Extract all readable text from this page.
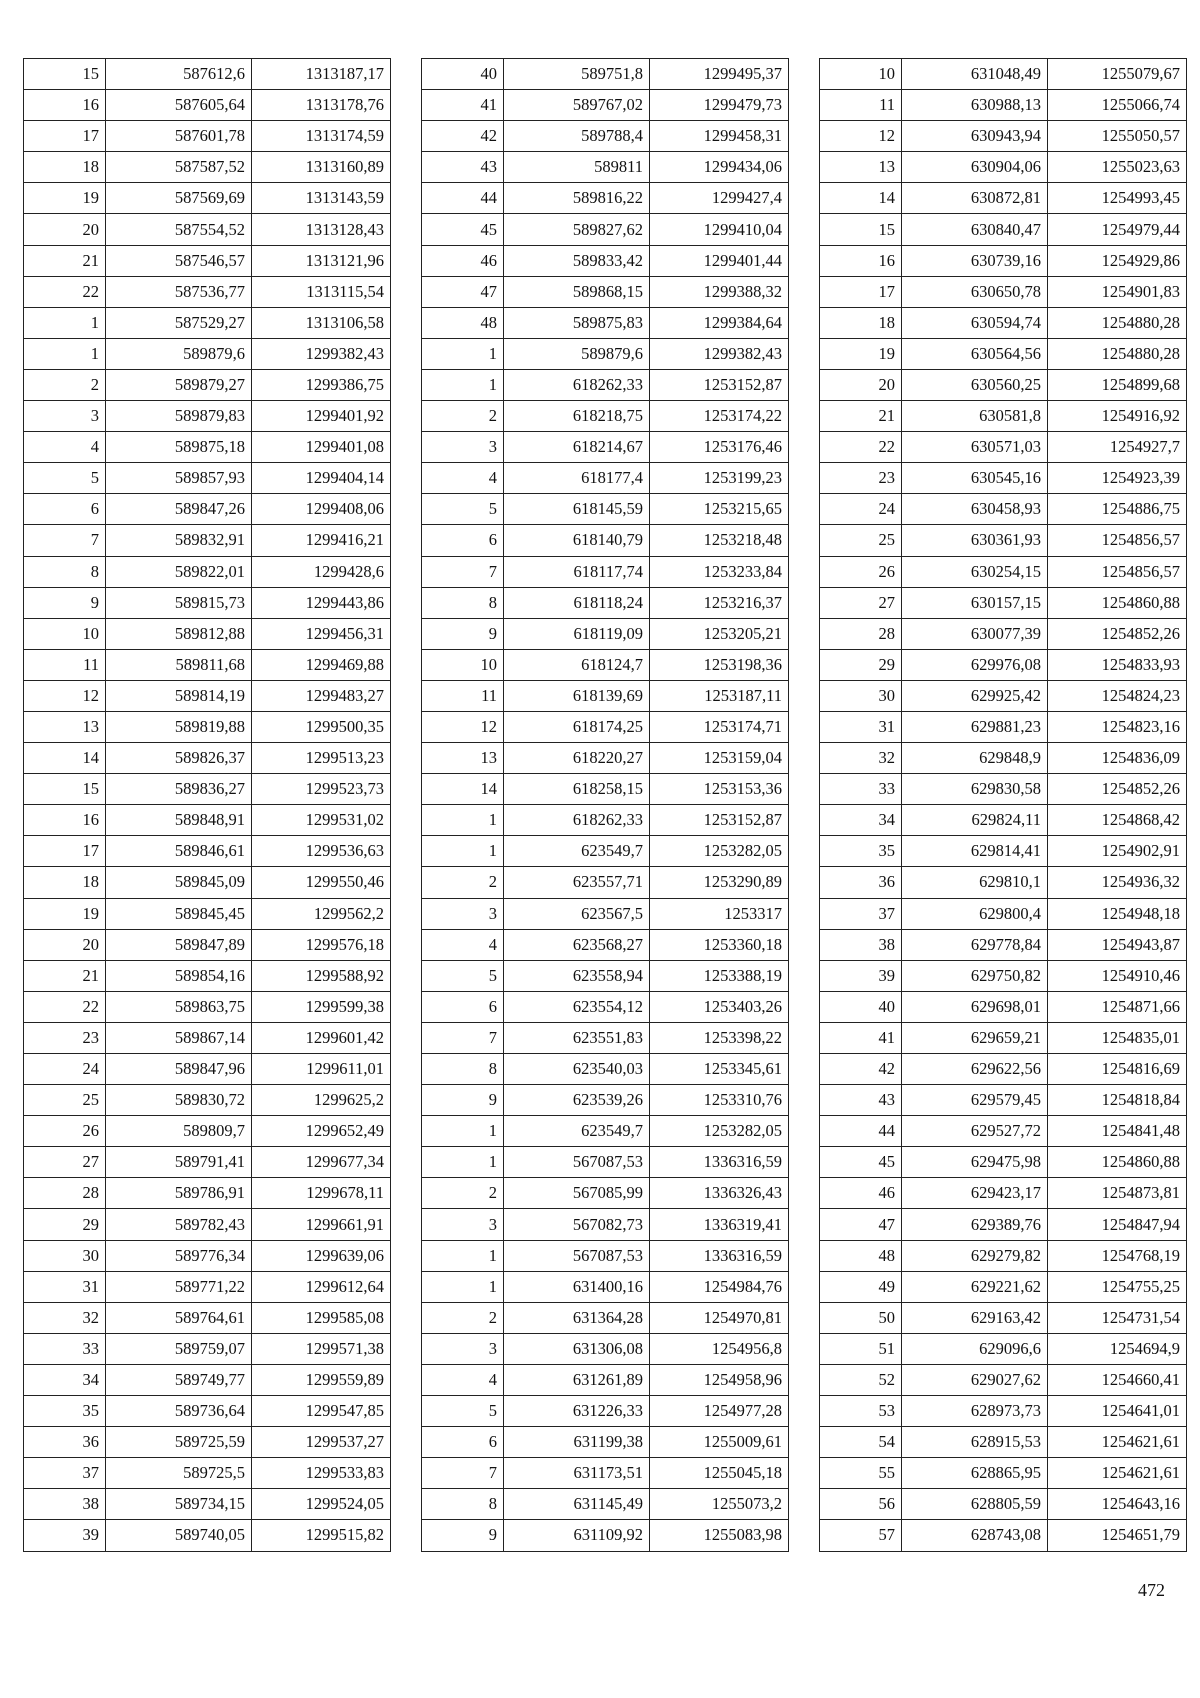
15	587612,6	1313187,17
16	587605,64	1313178,76
17	587601,78	1313174,59
18	587587,52	1313160,89
19	587569,69	1313143,59
20	587554,52	1313128,43
21	587546,57	1313121,96
22	587536,77	1313115,54
1	587529,27	1313106,58
1	589879,6	1299382,43
2	589879,27	1299386,75
3	589879,83	1299401,92
4	589875,18	1299401,08
5	589857,93	1299404,14
6	589847,26	1299408,06
7	589832,91	1299416,21
8	589822,01	1299428,6
9	589815,73	1299443,86
10	589812,88	1299456,31
11	589811,68	1299469,88
12	589814,19	1299483,27
13	589819,88	1299500,35
14	589826,37	1299513,23
15	589836,27	1299523,73
16	589848,91	1299531,02
17	589846,61	1299536,63
18	589845,09	1299550,46
19	589845,45	1299562,2
20	589847,89	1299576,18
21	589854,16	1299588,92
22	589863,75	1299599,38
23	589867,14	1299601,42
24	589847,96	1299611,01
25	589830,72	1299625,2
26	589809,7	1299652,49
27	589791,41	1299677,34
28	589786,91	1299678,11
29	589782,43	1299661,91
30	589776,34	1299639,06
31	589771,22	1299612,64
32	589764,61	1299585,08
33	589759,07	1299571,38
34	589749,77	1299559,89
35	589736,64	1299547,85
36	589725,59	1299537,27
37	589725,5	1299533,83
38	589734,15	1299524,05
39	589740,05	1299515,82
40	589751,8	1299495,37
41	589767,02	1299479,73
42	589788,4	1299458,31
43	589811	1299434,06
44	589816,22	1299427,4
45	589827,62	1299410,04
46	589833,42	1299401,44
47	589868,15	1299388,32
48	589875,83	1299384,64
1	589879,6	1299382,43
1	618262,33	1253152,87
2	618218,75	1253174,22
3	618214,67	1253176,46
4	618177,4	1253199,23
5	618145,59	1253215,65
6	618140,79	1253218,48
7	618117,74	1253233,84
8	618118,24	1253216,37
9	618119,09	1253205,21
10	618124,7	1253198,36
11	618139,69	1253187,11
12	618174,25	1253174,71
13	618220,27	1253159,04
14	618258,15	1253153,36
1	618262,33	1253152,87
1	623549,7	1253282,05
2	623557,71	1253290,89
3	623567,5	1253317
4	623568,27	1253360,18
5	623558,94	1253388,19
6	623554,12	1253403,26
7	623551,83	1253398,22
8	623540,03	1253345,61
9	623539,26	1253310,76
1	623549,7	1253282,05
1	567087,53	1336316,59
2	567085,99	1336326,43
3	567082,73	1336319,41
1	567087,53	1336316,59
1	631400,16	1254984,76
2	631364,28	1254970,81
3	631306,08	1254956,8
4	631261,89	1254958,96
5	631226,33	1254977,28
6	631199,38	1255009,61
7	631173,51	1255045,18
8	631145,49	1255073,2
9	631109,92	1255083,98
10	631048,49	1255079,67
11	630988,13	1255066,74
12	630943,94	1255050,57
13	630904,06	1255023,63
14	630872,81	1254993,45
15	630840,47	1254979,44
16	630739,16	1254929,86
17	630650,78	1254901,83
18	630594,74	1254880,28
19	630564,56	1254880,28
20	630560,25	1254899,68
21	630581,8	1254916,92
22	630571,03	1254927,7
23	630545,16	1254923,39
24	630458,93	1254886,75
25	630361,93	1254856,57
26	630254,15	1254856,57
27	630157,15	1254860,88
28	630077,39	1254852,26
29	629976,08	1254833,93
30	629925,42	1254824,23
31	629881,23	1254823,16
32	629848,9	1254836,09
33	629830,58	1254852,26
34	629824,11	1254868,42
35	629814,41	1254902,91
36	629810,1	1254936,32
37	629800,4	1254948,18
38	629778,84	1254943,87
39	629750,82	1254910,46
40	629698,01	1254871,66
41	629659,21	1254835,01
42	629622,56	1254816,69
43	629579,45	1254818,84
44	629527,72	1254841,48
45	629475,98	1254860,88
46	629423,17	1254873,81
47	629389,76	1254847,94
48	629279,82	1254768,19
49	629221,62	1254755,25
50	629163,42	1254731,54
51	629096,6	1254694,9
52	629027,62	1254660,41
53	628973,73	1254641,01
54	628915,53	1254621,61
55	628865,95	1254621,61
56	628805,59	1254643,16
57	628743,08	1254651,79
472
